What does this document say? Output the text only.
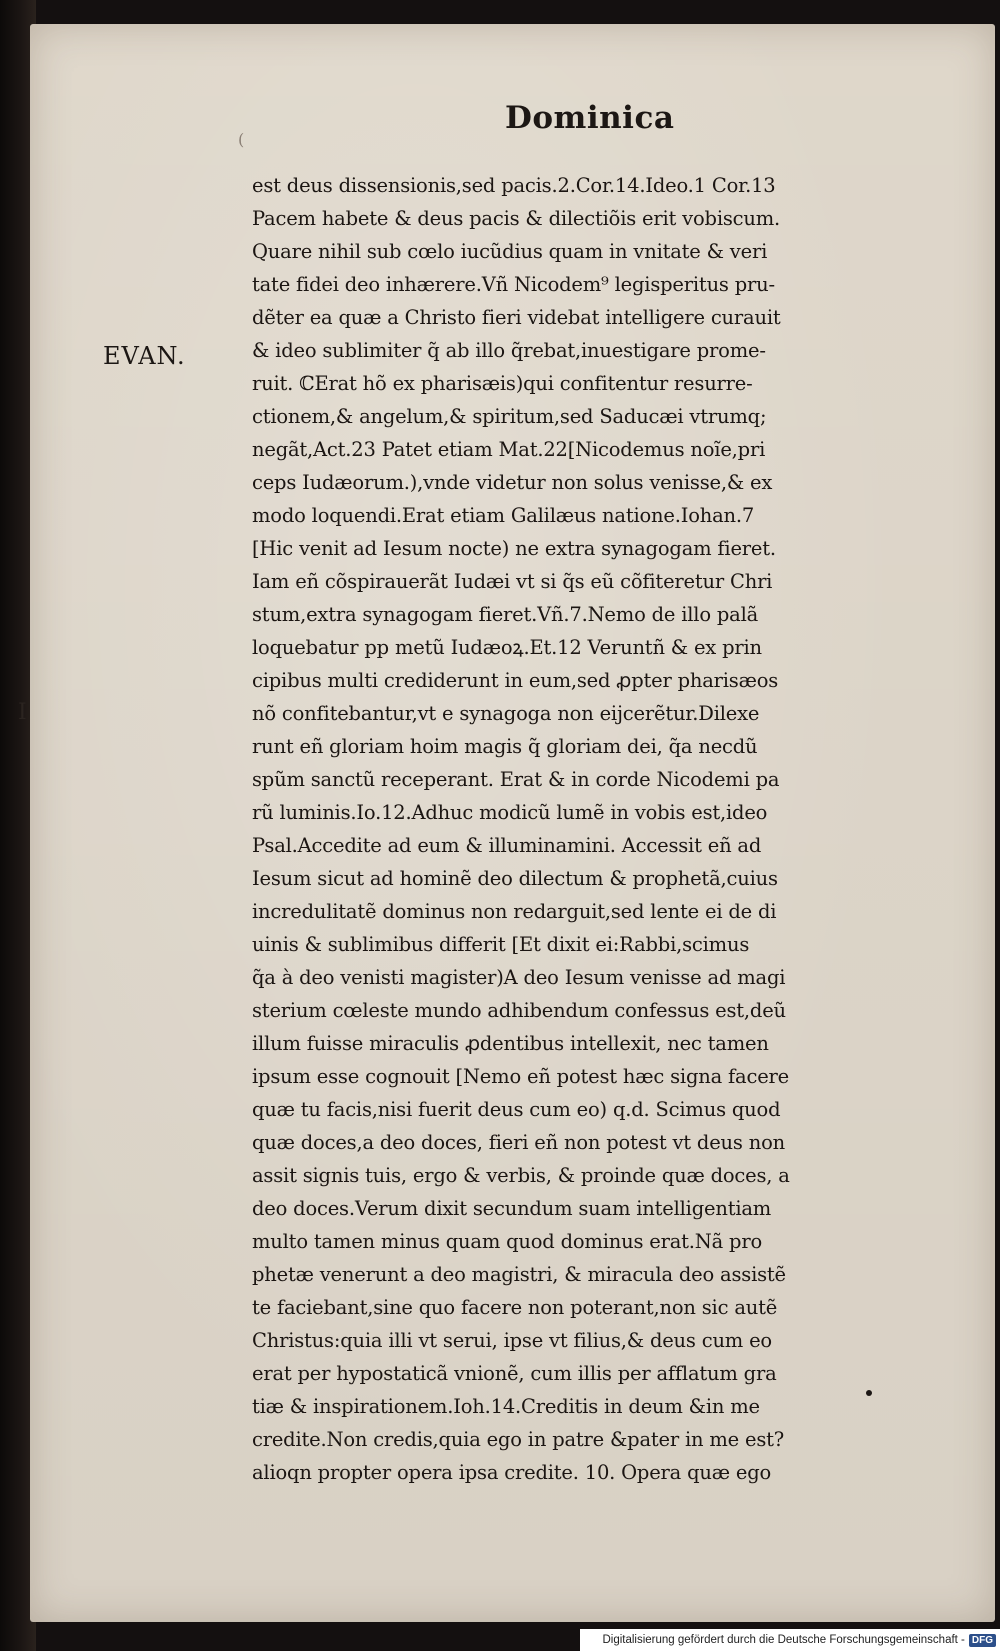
(
I
Dominica

EVAN.

est deus dissensionis,sed pacis.2.Cor.14.Ideo.1 Cor.13
Pacem habete & deus pacis & dilectiõis erit vobiscum.
Quare nihil sub cœlo iucũdius quam in vnitate & veri
tate fidei deo inhærere.Vñ Nicodem⁹ legisperitus pru-
dẽter ea quæ a Christo fieri videbat intelligere curauit
& ideo sublimiter q̃ ab illo q̃rebat,inuestigare prome-
ruit. ℂErat hõ ex pharisæis)qui confitentur resurre-
ctionem,& angelum,& spiritum,sed Saducæi vtrumq;
negãt,Act.23 Patet etiam Mat.22[Nicodemus noĩe,pri
ceps Iudæorum.),vnde videtur non solus venisse,& ex
modo loquendi.Erat etiam Galilæus natione.Iohan.7
[Hic venit ad Iesum nocte) ne extra synagogam fieret.
Iam eñ cõspirauerãt Iudæi vt si q̃s eũ cõfiteretur Chri
stum,extra synagogam fieret.Vñ.7.Nemo de illo palã
loquebatur pp metũ Iudæoꝝ.Et.12 Veruntñ & ex prin
cipibus multi crediderunt in eum,sed ꝓpter pharisæos
nõ confitebantur,vt e synagoga non eijcerẽtur.Dilexe
runt eñ gloriam hoim magis q̃ gloriam dei, q̃a necdũ
spũm sanctũ receperant. Erat & in corde Nicodemi pa
rũ luminis.Io.12.Adhuc modicũ lumẽ in vobis est,ideo
Psal.Accedite ad eum & illuminamini. Accessit eñ ad
Iesum sicut ad hominẽ deo dilectum & prophetã,cuius
incredulitatẽ dominus non redarguit,sed lente ei de di
uinis & sublimibus differit [Et dixit ei:Rabbi,scimus
q̃a à deo venisti magister)A deo Iesum venisse ad magi
sterium cœleste mundo adhibendum confessus est,deũ
illum fuisse miraculis ꝓdentibus intellexit, nec tamen
ipsum esse cognouit [Nemo eñ potest hæc signa facere
quæ tu facis,nisi fuerit deus cum eo) q.d. Scimus quod
quæ doces,a deo doces, fieri eñ non potest vt deus non
assit signis tuis, ergo & verbis, & proinde quæ doces, a
deo doces.Verum dixit secundum suam intelligentiam
multo tamen minus quam quod dominus erat.Nã pro
phetæ venerunt a deo magistri, & miracula deo assistẽ
te faciebant,sine quo facere non poterant,non sic autẽ
Christus:quia illi vt serui, ipse vt filius,& deus cum eo
erat per hypostaticã vnionẽ, cum illis per afflatum gra
tiæ & inspirationem.Ioh.14.Creditis in deum &in me
credite.Non credis,quia ego in patre &pater in me est?
alioqn propter opera ipsa credite. 10. Opera quæ ego
Digitalisierung gefördert durch die Deutsche Forschungsgemeinschaft - DFG
